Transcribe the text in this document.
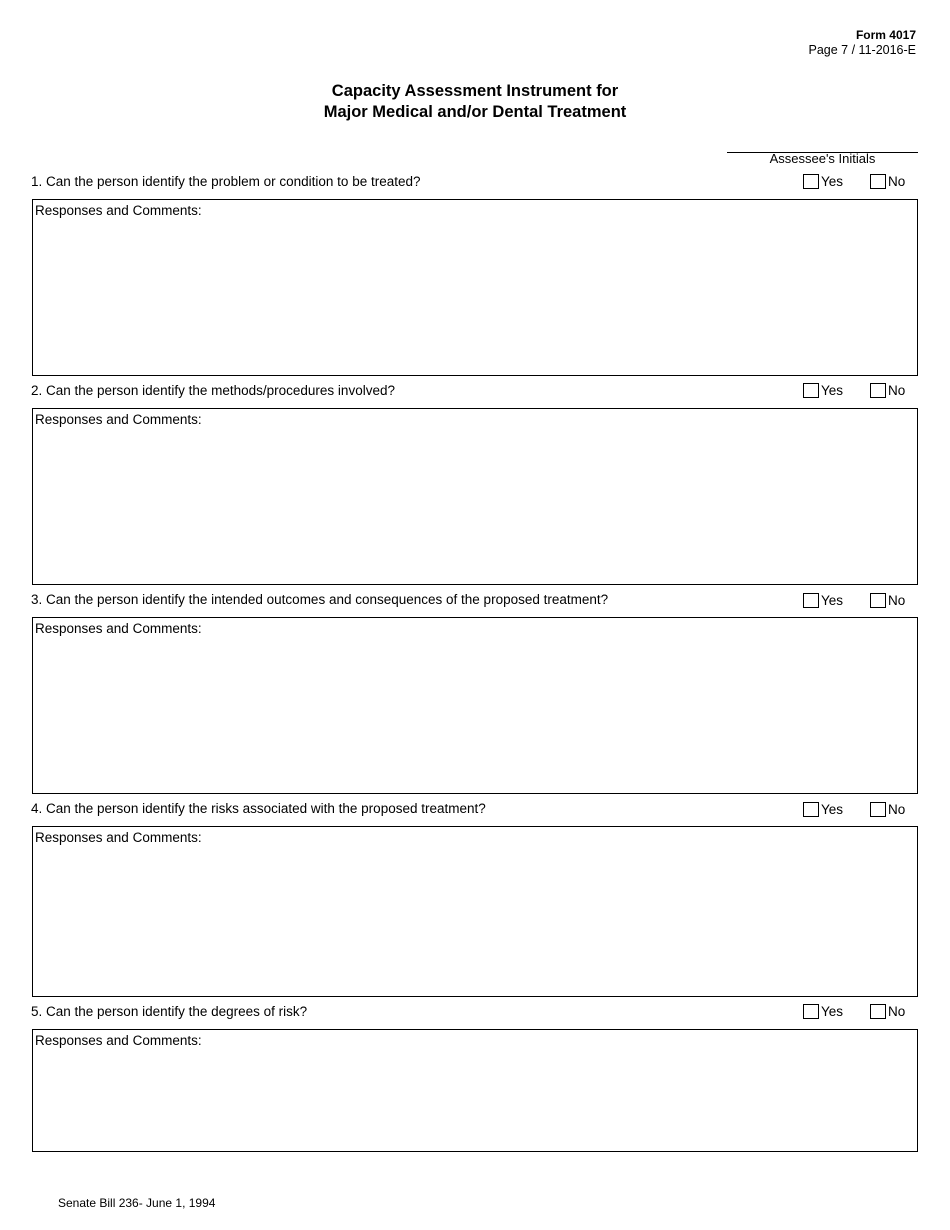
Form 4017
Page 7 / 11-2016-E
Capacity Assessment Instrument for
Major Medical and/or Dental Treatment
Assessee's Initials
1. Can the person identify the problem or condition to be treated?	Yes	No
Responses and Comments:
2. Can the person identify the methods/procedures involved?	Yes	No
Responses and Comments:
3. Can the person identify the intended outcomes and consequences of the proposed treatment?	Yes	No
Responses and Comments:
4. Can the person identify the risks associated with the proposed treatment?	Yes	No
Responses and Comments:
5. Can the person identify the degrees of risk?	Yes	No
Responses and Comments:
Senate Bill 236- June 1, 1994
